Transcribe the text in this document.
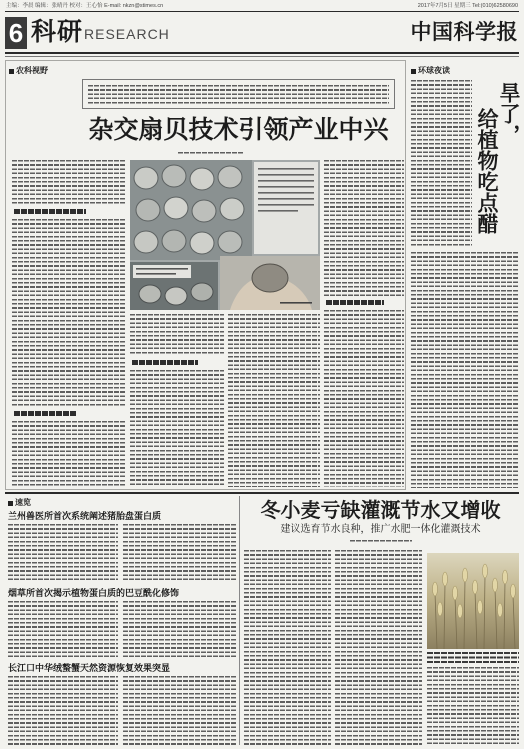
主编：李晨 编辑：张晴丹 校对：王心怡 E-mail: nkzn@stimes.cn	2017年7月5日 星期三 Tel:(010)62580690
6 科研 RESEARCH	中国科学报
农科视野
杂交扇贝技术引领产业中兴
环球夜读
旱了，
给植物吃点醋
速览
兰州兽医所首次系统阐述猪胎盘蛋白质
烟草所首次揭示植物蛋白质的巴豆酰化修饰
长江口中华绒螯蟹天然资源恢复效果突显
冬小麦亏缺灌溉节水又增收
建议选育节水良种，推广水肥一体化灌溉技术
